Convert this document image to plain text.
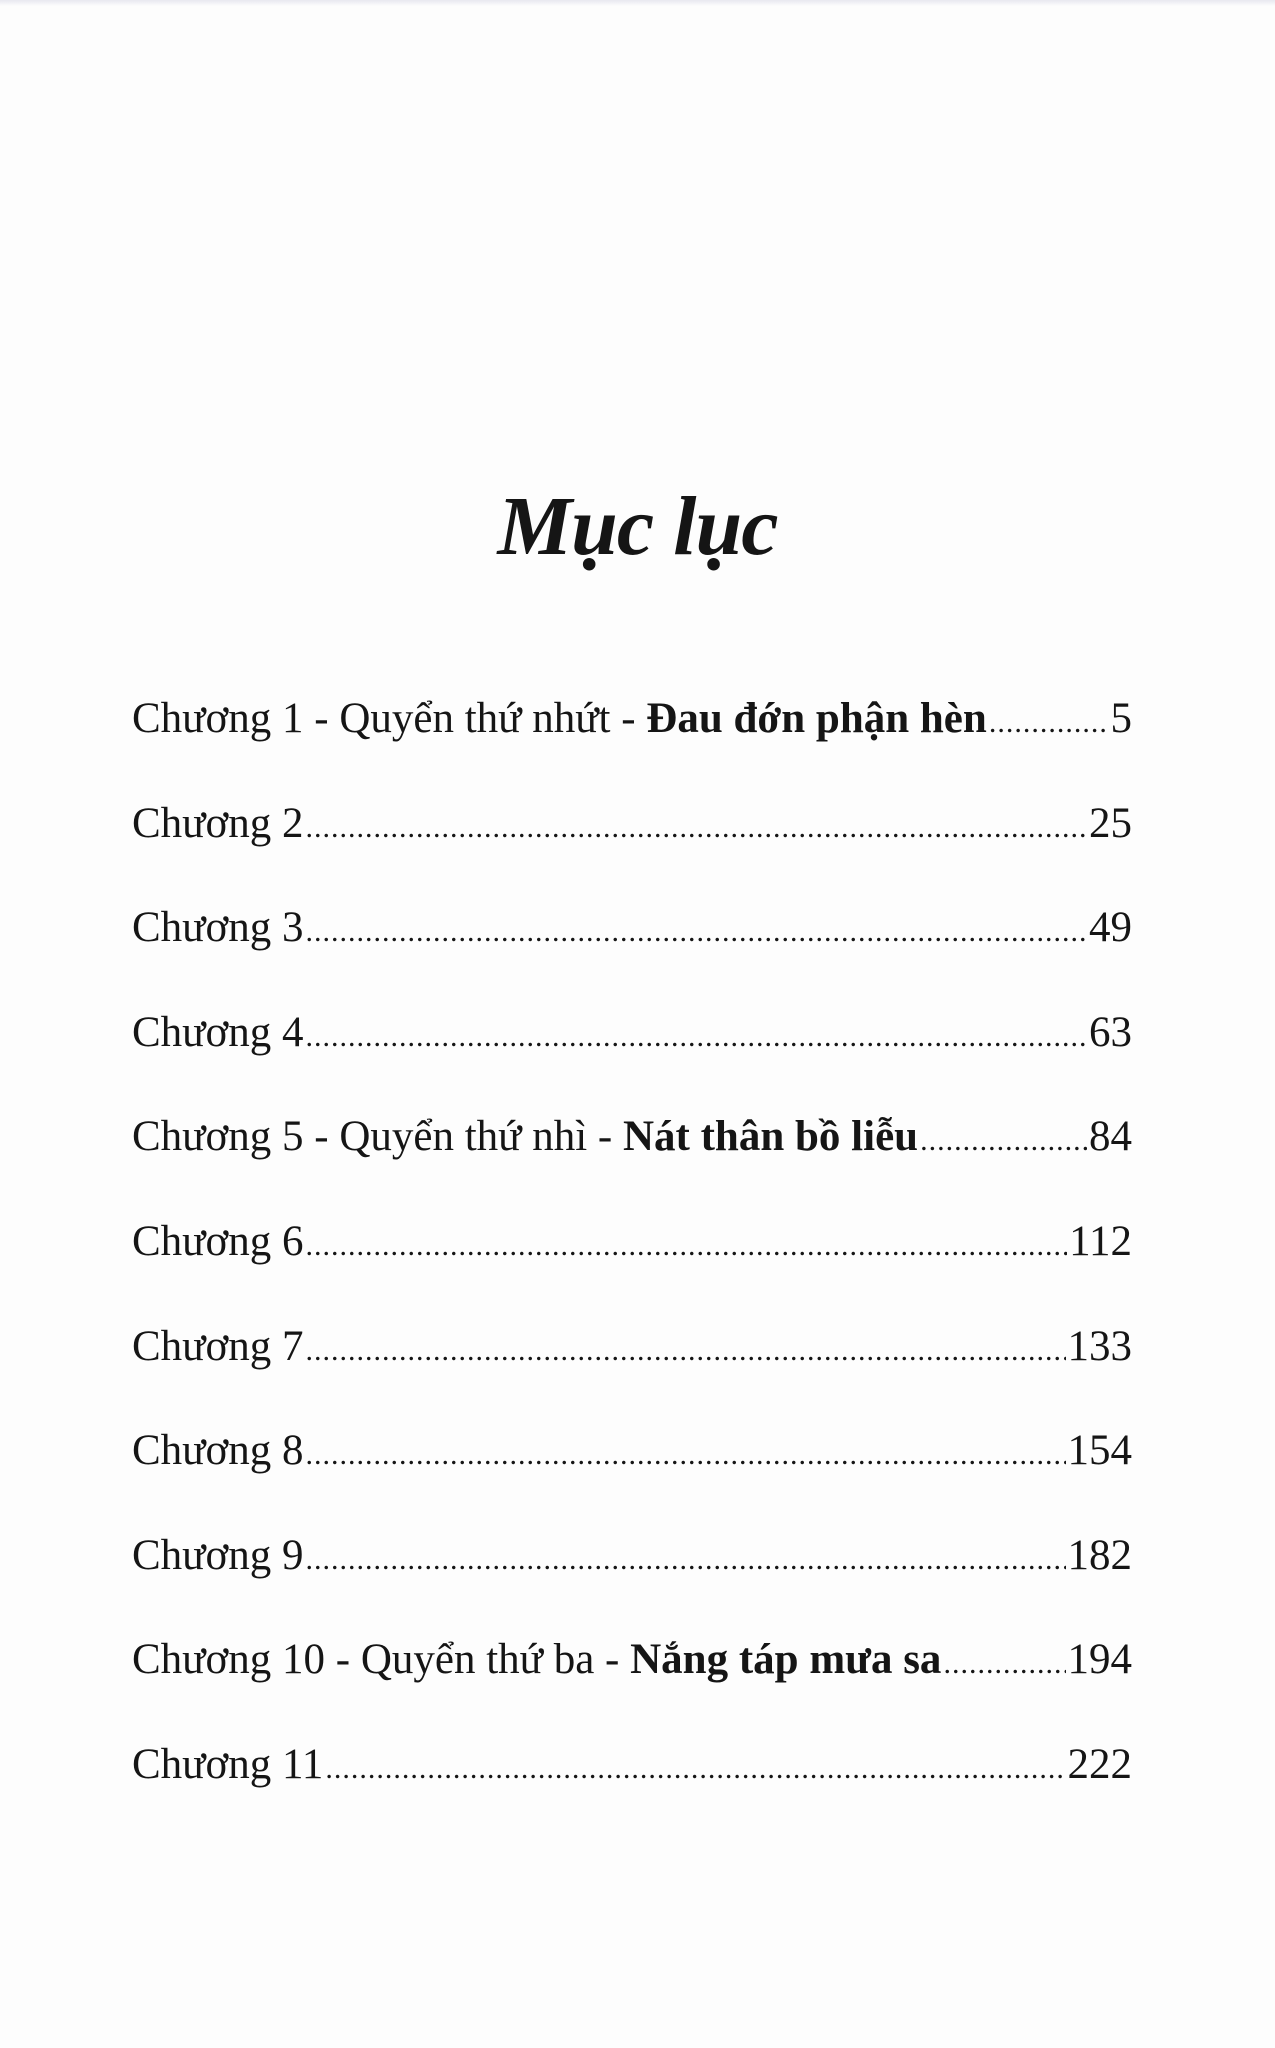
Mục lục
Chương 1 - Quyển thứ nhứt - Đau đớn phận hèn .....	5
Chương 2 .....	25
Chương 3 .....	49
Chương 4 .....	63
Chương 5 - Quyển thứ nhì - Nát thân bồ liễu .....	84
Chương 6 .....	112
Chương 7 .....	133
Chương 8 .....	154
Chương 9 .....	182
Chương 10 - Quyển thứ ba - Nắng táp mưa sa .....	194
Chương 11 .....	222
